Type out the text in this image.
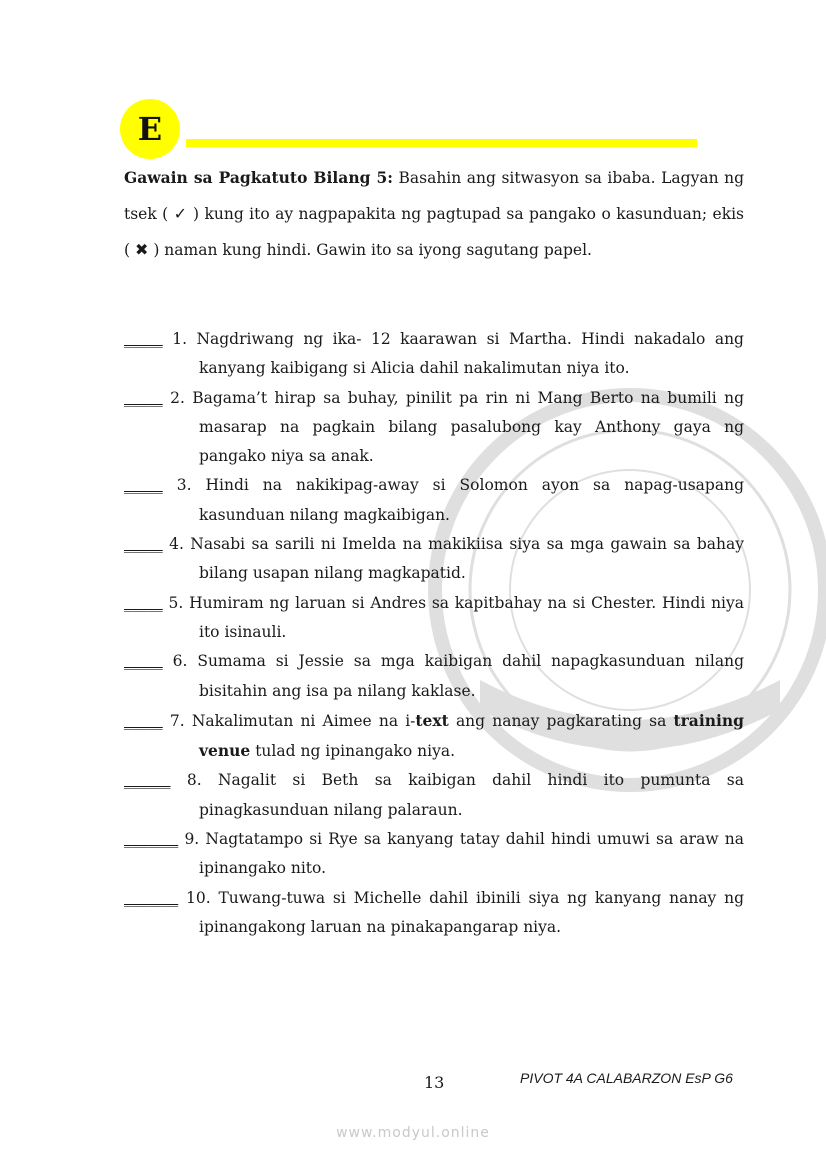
E
Gawain sa Pagkatuto Bilang 5: Basahin ang sitwasyon sa ibaba. Lagyan ng tsek ( ✓ ) kung ito ay nagpapakita ng pagtupad sa pangako o kasunduan; ekis ( ✖ ) naman kung hindi. Gawin ito sa iyong sagutang papel.
_____ 1. Nagdriwang ng ika- 12 kaarawan si Martha. Hindi nakadalo ang kanyang kaibigang si Alicia dahil nakalimutan niya ito.
_____ 2. Bagama’t hirap sa buhay, pinilit pa rin ni Mang Berto na bumili ng masarap na pagkain bilang pasalubong kay Anthony gaya ng pangako niya sa anak.
_____ 3. Hindi na nakikipag-away si Solomon ayon sa napag-usapang kasunduan nilang magkaibigan.
_____ 4. Nasabi sa sarili ni Imelda na makikiisa siya sa mga gawain sa bahay bilang usapan nilang magkapatid.
_____ 5. Humiram ng laruan si Andres sa kapitbahay na si Chester. Hindi niya ito isinauli.
_____ 6. Sumama si Jessie sa mga kaibigan dahil napagkasunduan nilang bisitahin ang isa pa nilang kaklase.
_____ 7. Nakalimutan ni Aimee na i-text ang nanay pagkarating sa training venue tulad ng ipinangako niya.
______ 8. Nagalit si Beth sa kaibigan dahil hindi ito pumunta sa pinagkasunduan nilang palaraun.
_______ 9. Nagtatampo si Rye sa kanyang tatay dahil hindi umuwi sa araw na ipinangako nito.
_______ 10. Tuwang-tuwa si Michelle dahil ibinili siya ng kanyang nanay ng ipinangakong laruan na pinakapangarap niya.
13	PIVOT 4A CALABARZON EsP G6
www.modyul.online
